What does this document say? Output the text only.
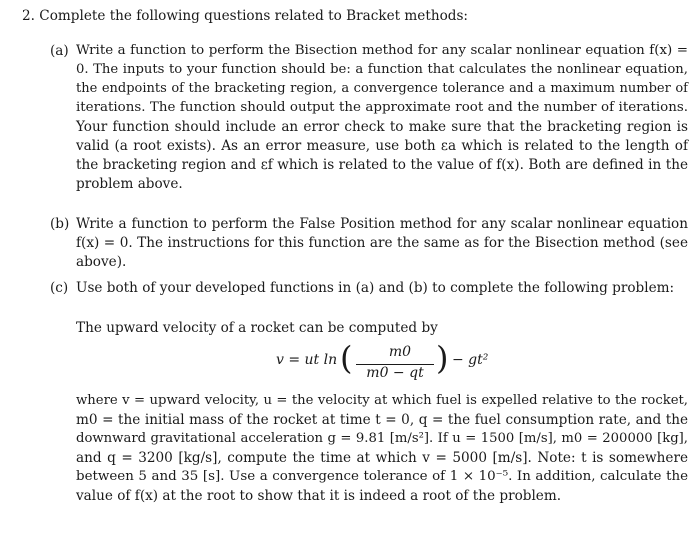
2. Complete the following questions related to Bracket methods:
(a) Write a function to perform the Bisection method for any scalar nonlinear equation f(x) =
0. The inputs to your function should be: a function that calculates the nonlinear equation,
the endpoints of the bracketing region, a convergence tolerance and a maximum number of
iterations. The function should output the approximate root and the number of iterations.
Your function should include an error check to make sure that the bracketing region is
valid (a root exists). As an error measure, use both εa which is related to the length of
the bracketing region and εf which is related to the value of f(x). Both are defined in the
problem above.
(b) Write a function to perform the False Position method for any scalar nonlinear equation
f(x) = 0. The instructions for this function are the same as for the Bisection method (see
above).
(c) Use both of your developed functions in (a) and (b) to complete the following problem:
The upward velocity of a rocket can be computed by
v = ut ln (	m0
m0 − qt ) − gt²
where v = upward velocity, u = the velocity at which fuel is expelled relative to the rocket,
m0 = the initial mass of the rocket at time t = 0, q = the fuel consumption rate, and the
downward gravitational acceleration g = 9.81 [m/s²]. If u = 1500 [m/s], m0 = 200000 [kg],
and q = 3200 [kg/s], compute the time at which v = 5000 [m/s]. Note: t is somewhere
between 5 and 35 [s]. Use a convergence tolerance of 1 × 10⁻⁵. In addition, calculate the
value of f(x) at the root to show that it is indeed a root of the problem.
